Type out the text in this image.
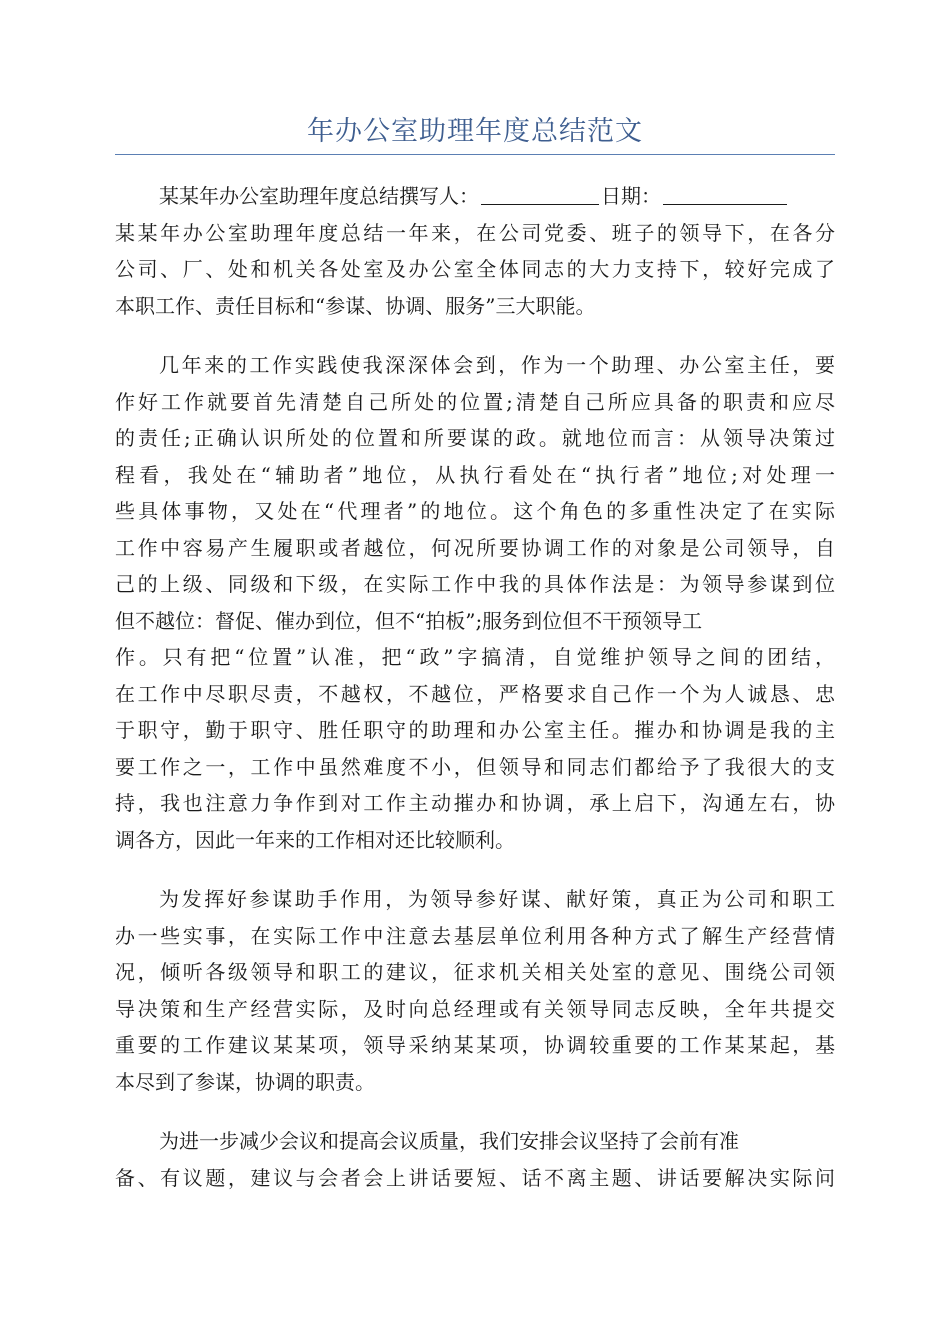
年办公室助理年度总结范文
某某年办公室助理年度总结撰写人：	日期：
某某年办公室助理年度总结一年来，在公司党委、班子的领导下，在各分
公司、厂、处和机关各处室及办公室全体同志的大力支持下，较好完成了
本职工作、责任目标和“参谋、协调、服务”三大职能。
几年来的工作实践使我深深体会到，作为一个助理、办公室主任，要
作好工作就要首先清楚自己所处的位置;清楚自己所应具备的职责和应尽
的责任;正确认识所处的位置和所要谋的政。就地位而言：从领导决策过
程看，我处在“辅助者”地位，从执行看处在“执行者”地位;对处理一
些具体事物，又处在“代理者”的地位。这个角色的多重性决定了在实际
工作中容易产生履职或者越位，何况所要协调工作的对象是公司领导，自
己的上级、同级和下级，在实际工作中我的具体作法是：为领导参谋到位
但不越位：督促、催办到位，但不“拍板”;服务到位但不干预领导工
作。只有把“位置”认准，把“政”字搞清，自觉维护领导之间的团结，
在工作中尽职尽责，不越权，不越位，严格要求自己作一个为人诚恳、忠
于职守，勤于职守、胜任职守的助理和办公室主任。摧办和协调是我的主
要工作之一，工作中虽然难度不小，但领导和同志们都给予了我很大的支
持，我也注意力争作到对工作主动摧办和协调，承上启下，沟通左右，协
调各方，因此一年来的工作相对还比较顺利。
为发挥好参谋助手作用，为领导参好谋、献好策，真正为公司和职工
办一些实事，在实际工作中注意去基层单位利用各种方式了解生产经营情
况，倾听各级领导和职工的建议，征求机关相关处室的意见、围绕公司领
导决策和生产经营实际，及时向总经理或有关领导同志反映，全年共提交
重要的工作建议某某项，领导采纳某某项，协调较重要的工作某某起，基
本尽到了参谋，协调的职责。
为进一步减少会议和提高会议质量，我们安排会议坚持了会前有准
备、有议题，建议与会者会上讲话要短、话不离主题、讲话要解决实际问
